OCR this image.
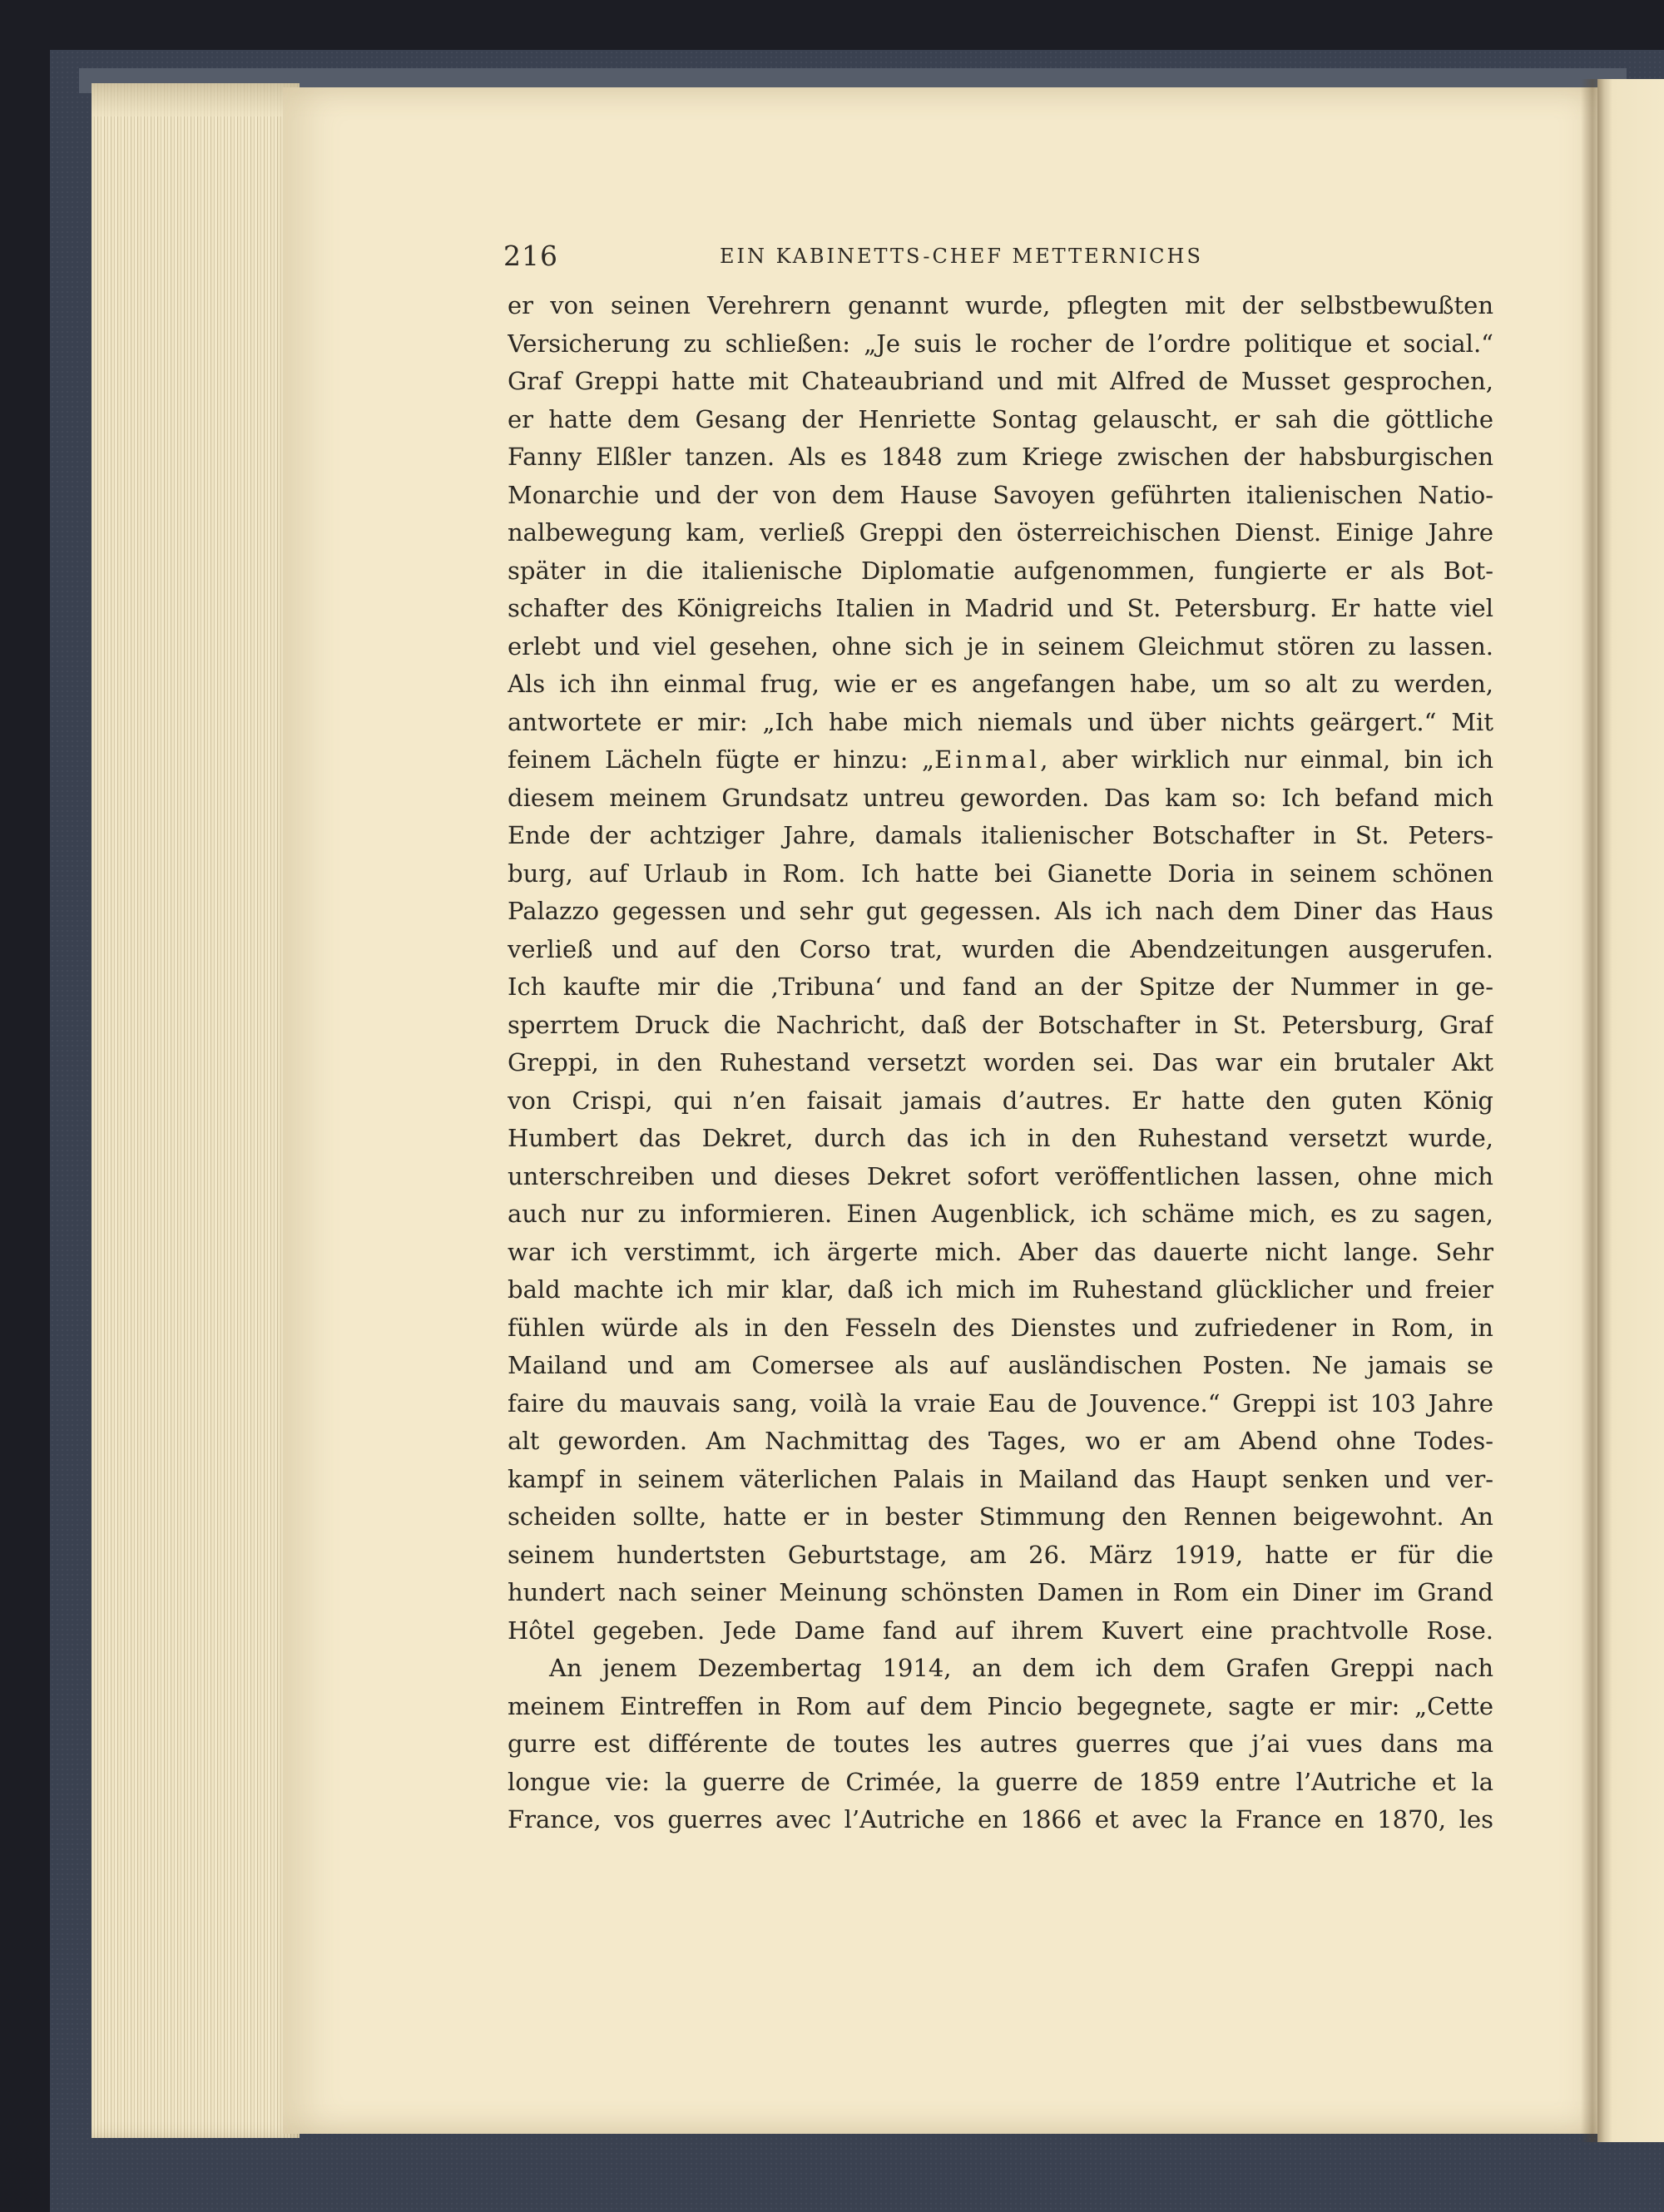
216	EIN KABINETTS-CHEF METTERNICHS
er von seinen Verehrern genannt wurde, pflegten mit der selbstbewußten
Versicherung zu schließen: „Je suis le rocher de l’ordre politique et social.“
Graf Greppi hatte mit Chateaubriand und mit Alfred de Musset gesprochen,
er hatte dem Gesang der Henriette Sontag gelauscht, er sah die göttliche
Fanny Elßler tanzen. Als es 1848 zum Kriege zwischen der habsburgischen
Monarchie und der von dem Hause Savoyen geführten italienischen Natio-
nalbewegung kam, verließ Greppi den österreichischen Dienst. Einige Jahre
später in die italienische Diplomatie aufgenommen, fungierte er als Bot-
schafter des Königreichs Italien in Madrid und St. Petersburg. Er hatte viel
erlebt und viel gesehen, ohne sich je in seinem Gleichmut stören zu lassen.
Als ich ihn einmal frug, wie er es angefangen habe, um so alt zu werden,
antwortete er mir: „Ich habe mich niemals und über nichts geärgert.“ Mit
feinem Lächeln fügte er hinzu: „Einmal, aber wirklich nur einmal, bin ich
diesem meinem Grundsatz untreu geworden. Das kam so: Ich befand mich
Ende der achtziger Jahre, damals italienischer Botschafter in St. Peters-
burg, auf Urlaub in Rom. Ich hatte bei Gianette Doria in seinem schönen
Palazzo gegessen und sehr gut gegessen. Als ich nach dem Diner das Haus
verließ und auf den Corso trat, wurden die Abendzeitungen ausgerufen.
Ich kaufte mir die ‚Tribuna‘ und fand an der Spitze der Nummer in ge-
sperrtem Druck die Nachricht, daß der Botschafter in St. Petersburg, Graf
Greppi, in den Ruhestand versetzt worden sei. Das war ein brutaler Akt
von Crispi, qui n’en faisait jamais d’autres. Er hatte den guten König
Humbert das Dekret, durch das ich in den Ruhestand versetzt wurde,
unterschreiben und dieses Dekret sofort veröffentlichen lassen, ohne mich
auch nur zu informieren. Einen Augenblick, ich schäme mich, es zu sagen,
war ich verstimmt, ich ärgerte mich. Aber das dauerte nicht lange. Sehr
bald machte ich mir klar, daß ich mich im Ruhestand glücklicher und freier
fühlen würde als in den Fesseln des Dienstes und zufriedener in Rom, in
Mailand und am Comersee als auf ausländischen Posten. Ne jamais se
faire du mauvais sang, voilà la vraie Eau de Jouvence.“ Greppi ist 103 Jahre
alt geworden. Am Nachmittag des Tages, wo er am Abend ohne Todes-
kampf in seinem väterlichen Palais in Mailand das Haupt senken und ver-
scheiden sollte, hatte er in bester Stimmung den Rennen beigewohnt. An
seinem hundertsten Geburtstage, am 26. März 1919, hatte er für die
hundert nach seiner Meinung schönsten Damen in Rom ein Diner im Grand
Hôtel gegeben. Jede Dame fand auf ihrem Kuvert eine prachtvolle Rose.
An jenem Dezembertag 1914, an dem ich dem Grafen Greppi nach
meinem Eintreffen in Rom auf dem Pincio begegnete, sagte er mir: „Cette
gurre est différente de toutes les autres guerres que j’ai vues dans ma
longue vie: la guerre de Crimée, la guerre de 1859 entre l’Autriche et la
France, vos guerres avec l’Autriche en 1866 et avec la France en 1870, les
